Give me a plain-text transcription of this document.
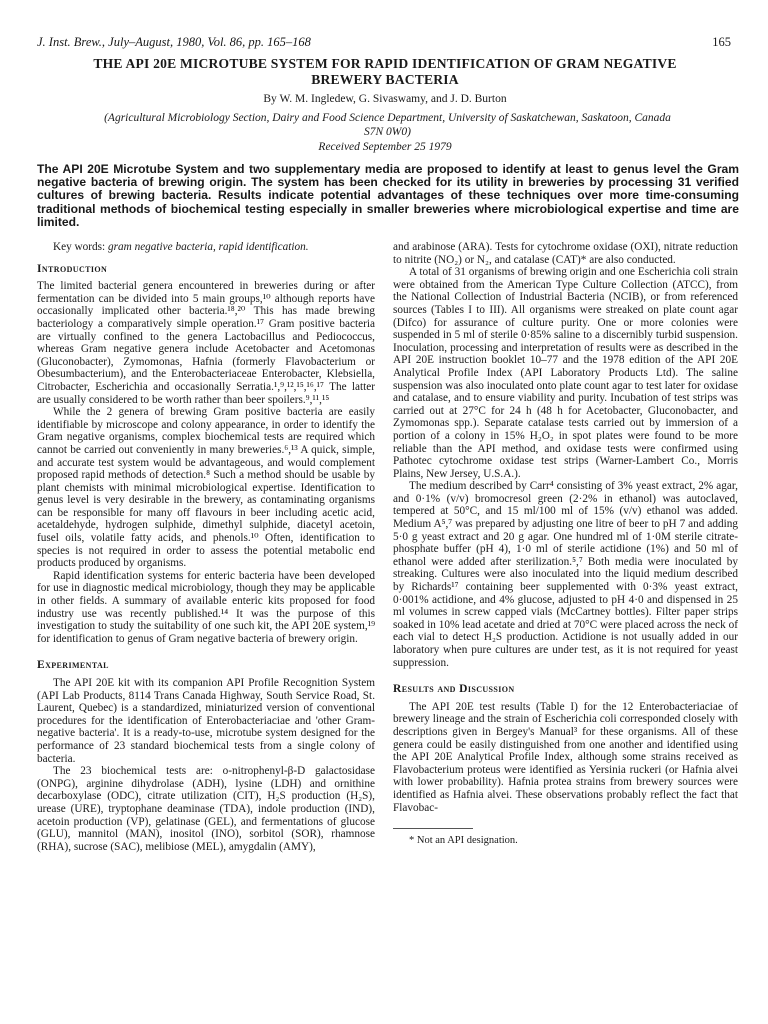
J. Inst. Brew., July–August, 1980, Vol. 86, pp. 165–168	165
THE API 20E MICROTUBE SYSTEM FOR RAPID IDENTIFICATION OF GRAM NEGATIVE BREWERY BACTERIA
By W. M. Ingledew, G. Sivaswamy, and J. D. Burton
(Agricultural Microbiology Section, Dairy and Food Science Department, University of Saskatchewan, Saskatoon, Canada S7N 0W0)
Received September 25 1979
The API 20E Microtube System and two supplementary media are proposed to identify at least to genus level the Gram negative bacteria of brewing origin. The system has been checked for its utility in breweries by processing 31 verified cultures of brewing bacteria. Results indicate potential advantages of these techniques over more time-consuming traditional methods of biochemical testing especially in smaller breweries where microbiological expertise and time are limited.

Key words: gram negative bacteria, rapid identification.

Introduction

The limited bacterial genera encountered in breweries during or after fermentation can be divided into 5 main groups,¹⁰ although reports have occasionally implicated other bacteria.¹⁸,²⁰ This has made brewing bacteriology a comparatively simple operation.¹⁷ Gram positive bacteria are virtually confined to the genera Lactobacillus and Pediococcus, whereas Gram negative genera include Acetobacter and Acetomonas (Gluconobacter), Zymomonas, Hafnia (formerly Flavobacterium or Obesumbacterium), and the Enterobacteriaceae Enterobacter, Klebsiella, Citrobacter, Escherichia and occasionally Serratia.¹,⁹,¹²,¹⁵,¹⁶,¹⁷ The latter are usually considered to be worth rather than beer spoilers.⁹,¹¹,¹⁵

While the 2 genera of brewing Gram positive bacteria are easily identifiable by microscope and colony appearance, in order to identify the Gram negative organisms, complex biochemical tests are required which cannot be carried out conveniently in many breweries.⁶,¹³ A quick, simple, and accurate test system would be advantageous, and would complement proposed rapid methods of detection.⁸ Such a method should be usable by plant chemists with minimal microbiological expertise. Identification to genus level is very desirable in the brewery, as contaminating organisms can be responsible for many off flavours in beer including acetic acid, acetaldehyde, hydrogen sulphide, dimethyl sulphide, diacetyl acetoin, fusel oils, volatile fatty acids, and phenols.¹⁰ Often, identification to species is not required in order to assess the potential metabolic end products produced by organisms.

Rapid identification systems for enteric bacteria have been developed for use in diagnostic medical microbiology, though they may be applicable in other fields. A summary of available enteric kits proposed for food industry use was recently published.¹⁴ It was the purpose of this investigation to study the suitability of one such kit, the API 20E system,¹⁹ for identification to genus of Gram negative bacteria of brewery origin.

Experimental

The API 20E kit with its companion API Profile Recognition System (API Lab Products, 8114 Trans Canada Highway, South Service Road, St. Laurent, Quebec) is a standardized, miniaturized version of conventional procedures for the identification of Enterobacteriaciae and 'other Gram-negative bacteria'. It is a ready-to-use, microtube system designed for the performance of 23 standard biochemical tests from a single colony of bacteria.

The 23 biochemical tests are: o-nitrophenyl-β-D galactosidase (ONPG), arginine dihydrolase (ADH), lysine (LDH) and ornithine decarboxylase (ODC), citrate utilization (CIT), H₂S production (H₂S), urease (URE), tryptophane deaminase (TDA), indole production (IND), acetoin production (VP), gelatinase (GEL), and fermentations of glucose (GLU), mannitol (MAN), inositol (INO), sorbitol (SOR), rhamnose (RHA), sucrose (SAC), melibiose (MEL), amygdalin (AMY),

and arabinose (ARA). Tests for cytochrome oxidase (OXI), nitrate reduction to nitrite (NO₂) or N₂, and catalase (CAT)* are also conducted.

A total of 31 organisms of brewing origin and one Escherichia coli strain were obtained from the American Type Culture Collection (ATCC), from the National Collection of Industrial Bacteria (NCIB), or from referenced sources (Tables I to III). All organisms were streaked on plate count agar (Difco) for assurance of culture purity. One or more colonies were suspended in 5 ml of sterile 0·85% saline to a discernibly turbid suspension. Inoculation, processing and interpretation of results were as described in the API 20E instruction booklet 10–77 and the 1978 edition of the API 20E Analytical Profile Index (API Laboratory Products Ltd). The saline suspension was also inoculated onto plate count agar to test later for oxidase and catalase, and to ensure viability and purity. Incubation of test strips was carried out at 27°C for 24 h (48 h for Acetobacter, Gluconobacter, and Zymomonas spp.). Separate catalase tests carried out by immersion of a portion of a colony in 15% H₂O₂ in spot plates were found to be more reliable than the API method, and oxidase tests were confirmed using Pathotec cytochrome oxidase test strips (Warner-Lambert Co., Morris Plains, New Jersey, U.S.A.).

The medium described by Carr⁴ consisting of 3% yeast extract, 2% agar, and 0·1% (v/v) bromocresol green (2·2% in ethanol) was autoclaved, tempered at 50°C, and 15 ml/100 ml of 15% (v/v) ethanol was added. Medium A⁵,⁷ was prepared by adjusting one litre of beer to pH 7 and adding 5·0 g yeast extract and 20 g agar. One hundred ml of 1·0M sterile citrate-phosphate buffer (pH 4), 1·0 ml of sterile actidione (1%) and 50 ml of ethanol were added after sterilization.⁵,⁷ Both media were inoculated by streaking. Cultures were also inoculated into the liquid medium described by Richards¹⁷ containing beer supplemented with 0·3% yeast extract, 0·001% actidione, and 4% glucose, adjusted to pH 4·0 and dispensed in 25 ml volumes in screw capped vials (McCartney bottles). Filter paper strips soaked in 10% lead acetate and dried at 70°C were placed across the neck of each vial to detect H₂S production. Actidione is not usually added in our laboratory when pure cultures are under test, as it is not required for yeast suppression.

Results and Discussion

The API 20E test results (Table I) for the 12 Enterobacteriaciae of brewery lineage and the strain of Escherichia coli corresponded closely with descriptions given in Bergey's Manual³ for these organisms. All of these genera could be easily distinguished from one another and identified using the API 20E Analytical Profile Index, although some strains received as Flavobacterium proteus were identified as Yersinia ruckeri (or Hafnia alvei with lower probability). Hafnia protea strains from brewery sources were identified as Hafnia alvei. These observations probably reflect the fact that Flavobac-

* Not an API designation.
